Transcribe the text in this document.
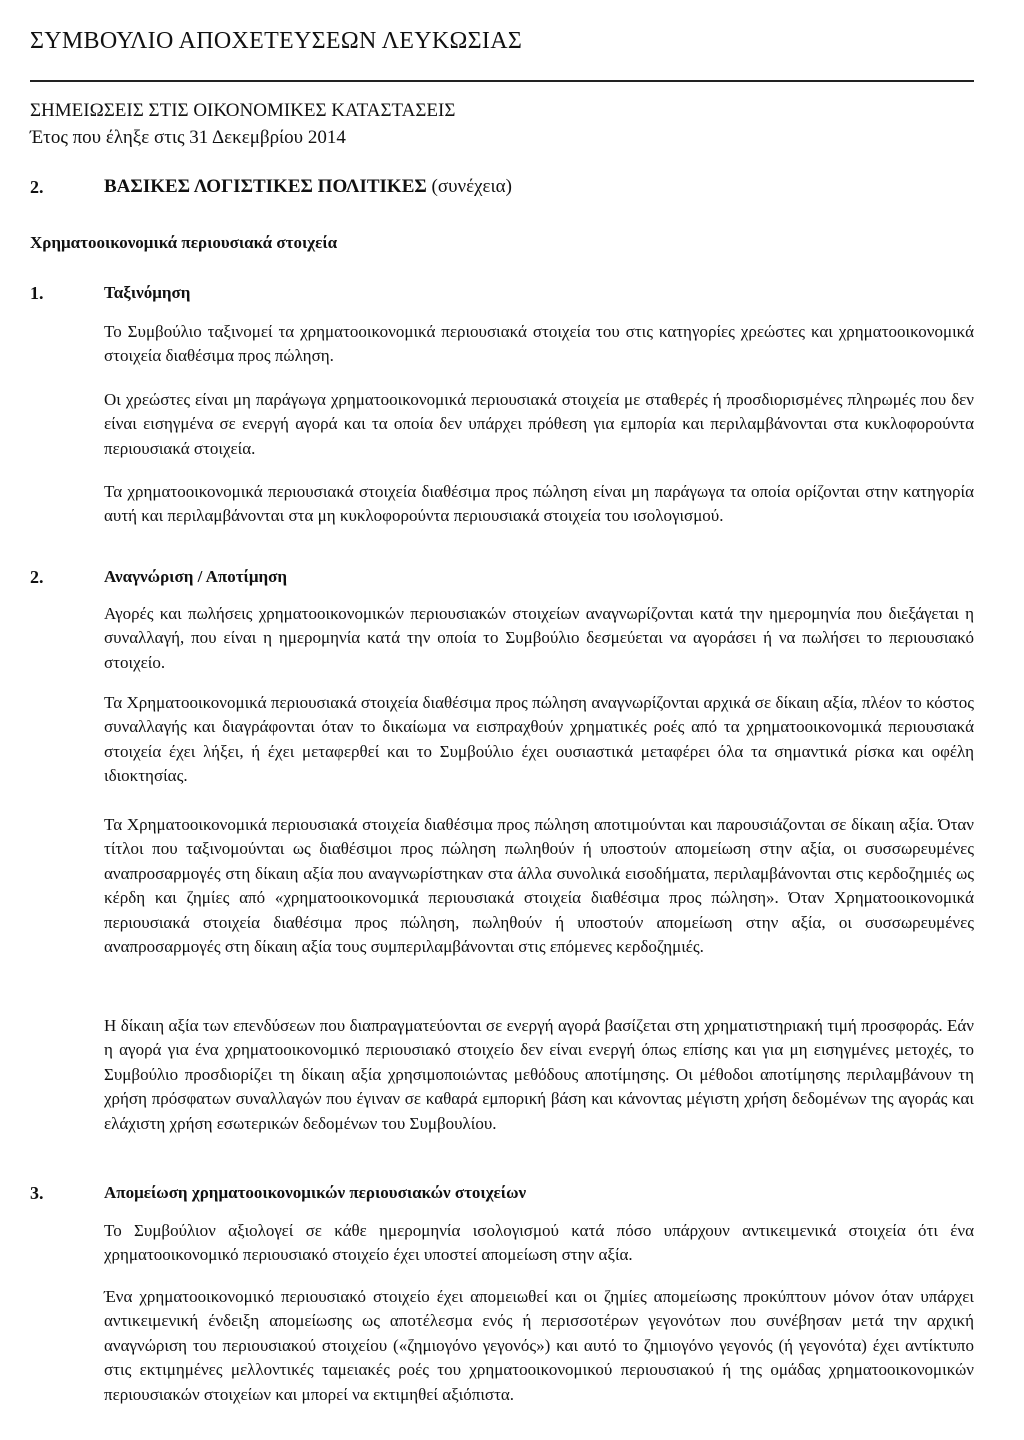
ΣΥΜΒΟΥΛΙΟ ΑΠΟΧΕΤΕΥΣΕΩΝ ΛΕΥΚΩΣΙΑΣ
ΣΗΜΕΙΩΣΕΙΣ ΣΤΙΣ ΟΙΚΟΝΟΜΙΚΕΣ ΚΑΤΑΣΤΑΣΕΙΣ
Έτος που έληξε στις 31 Δεκεμβρίου 2014
2.	ΒΑΣΙΚΕΣ ΛΟΓΙΣΤΙΚΕΣ ΠΟΛΙΤΙΚΕΣ (συνέχεια)
Χρηματοοικονομικά περιουσιακά στοιχεία
1.	Ταξινόμηση
Το Συμβούλιο ταξινομεί τα χρηματοοικονομικά περιουσιακά στοιχεία του στις κατηγορίες χρεώστες και χρηματοοικονομικά στοιχεία διαθέσιμα προς πώληση.
Οι χρεώστες είναι μη παράγωγα χρηματοοικονομικά περιουσιακά στοιχεία με σταθερές ή προσδιορισμένες πληρωμές που δεν είναι εισηγμένα σε ενεργή αγορά και τα οποία δεν υπάρχει πρόθεση για εμπορία και περιλαμβάνονται στα κυκλοφορούντα περιουσιακά στοιχεία.
Τα χρηματοοικονομικά περιουσιακά στοιχεία διαθέσιμα προς πώληση είναι μη παράγωγα τα οποία ορίζονται στην κατηγορία αυτή και περιλαμβάνονται στα μη κυκλοφορούντα περιουσιακά στοιχεία του ισολογισμού.
2.	Αναγνώριση / Αποτίμηση
Αγορές και πωλήσεις χρηματοοικονομικών περιουσιακών στοιχείων αναγνωρίζονται κατά την ημερομηνία που διεξάγεται η συναλλαγή, που είναι η ημερομηνία κατά την οποία το Συμβούλιο δεσμεύεται να αγοράσει ή να πωλήσει το περιουσιακό στοιχείο.
Τα Χρηματοοικονομικά περιουσιακά στοιχεία διαθέσιμα προς πώληση αναγνωρίζονται αρχικά σε δίκαιη αξία, πλέον το κόστος συναλλαγής και διαγράφονται όταν το δικαίωμα να εισπραχθούν χρηματικές ροές από τα χρηματοοικονομικά περιουσιακά στοιχεία έχει λήξει, ή έχει μεταφερθεί και το Συμβούλιο έχει ουσιαστικά μεταφέρει όλα τα σημαντικά ρίσκα και οφέλη ιδιοκτησίας.
Τα Χρηματοοικονομικά περιουσιακά στοιχεία διαθέσιμα προς πώληση αποτιμούνται και παρουσιάζονται σε δίκαιη αξία. Όταν τίτλοι που ταξινομούνται ως διαθέσιμοι προς πώληση πωληθούν ή υποστούν απομείωση στην αξία, οι συσσωρευμένες αναπροσαρμογές στη δίκαιη αξία που αναγνωρίστηκαν στα άλλα συνολικά εισοδήματα, περιλαμβάνονται στις κερδοζημιές ως κέρδη και ζημίες από «χρηματοοικονομικά περιουσιακά στοιχεία διαθέσιμα προς πώληση». Όταν Χρηματοοικονομικά περιουσιακά στοιχεία διαθέσιμα προς πώληση, πωληθούν ή υποστούν απομείωση στην αξία, οι συσσωρευμένες αναπροσαρμογές στη δίκαιη αξία τους συμπεριλαμβάνονται στις επόμενες κερδοζημιές.
Η δίκαιη αξία των επενδύσεων που διαπραγματεύονται σε ενεργή αγορά βασίζεται στη χρηματιστηριακή τιμή προσφοράς. Εάν η αγορά για ένα χρηματοοικονομικό περιουσιακό στοιχείο δεν είναι ενεργή όπως επίσης και για μη εισηγμένες μετοχές, το Συμβούλιο προσδιορίζει τη δίκαιη αξία χρησιμοποιώντας μεθόδους αποτίμησης. Οι μέθοδοι αποτίμησης περιλαμβάνουν τη χρήση πρόσφατων συναλλαγών που έγιναν σε καθαρά εμπορική βάση και κάνοντας μέγιστη χρήση δεδομένων της αγοράς και ελάχιστη χρήση εσωτερικών δεδομένων του Συμβουλίου.
3.	Απομείωση χρηματοοικονομικών περιουσιακών στοιχείων
Το Συμβούλιον αξιολογεί σε κάθε ημερομηνία ισολογισμού κατά πόσο υπάρχουν αντικειμενικά στοιχεία ότι ένα χρηματοοικονομικό περιουσιακό στοιχείο έχει υποστεί απομείωση στην αξία.
Ένα χρηματοοικονομικό περιουσιακό στοιχείο έχει απομειωθεί και οι ζημίες απομείωσης προκύπτουν μόνον όταν υπάρχει αντικειμενική ένδειξη απομείωσης ως αποτέλεσμα ενός ή περισσοτέρων γεγονότων που συνέβησαν μετά την αρχική αναγνώριση του περιουσιακού στοιχείου («ζημιογόνο γεγονός») και αυτό το ζημιογόνο γεγονός (ή γεγονότα) έχει αντίκτυπο στις εκτιμημένες μελλοντικές ταμειακές ροές του χρηματοοικονομικού περιουσιακού ή της ομάδας χρηματοοικονομικών περιουσιακών στοιχείων και μπορεί να εκτιμηθεί αξιόπιστα.
